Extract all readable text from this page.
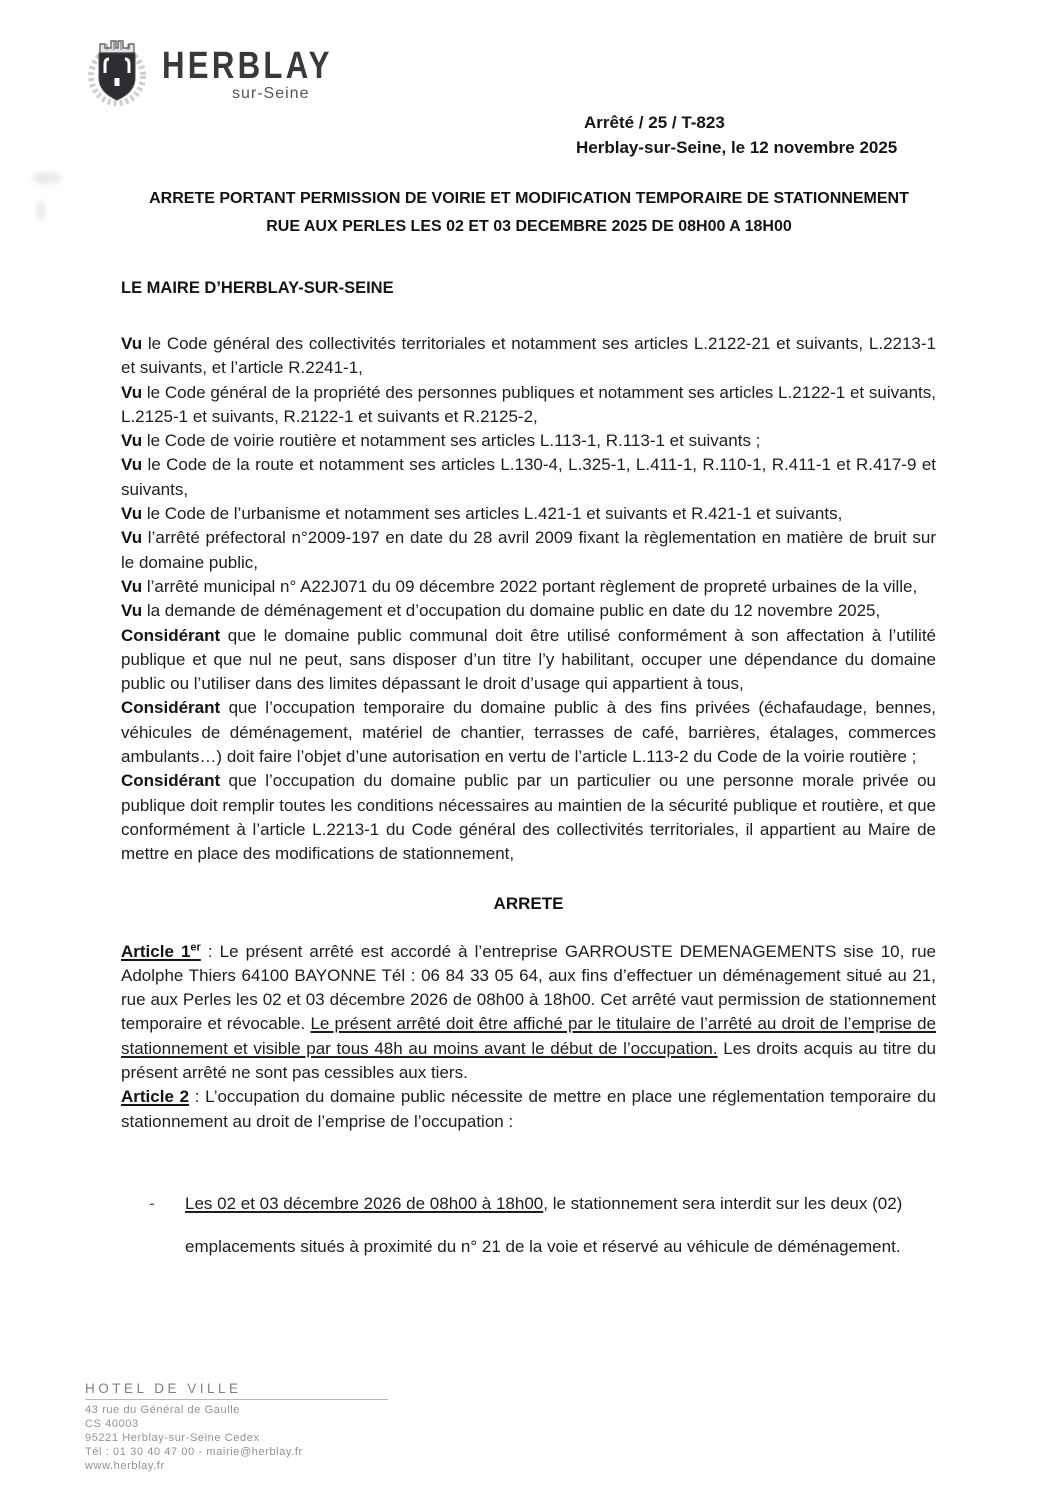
HERBLAY
sur-Seine
Arrêté / 25 / T-823
Herblay-sur-Seine, le 12 novembre 2025
ARRETE PORTANT PERMISSION DE VOIRIE ET MODIFICATION TEMPORAIRE DE STATIONNEMENT
RUE AUX PERLES LES 02 ET 03 DECEMBRE 2025 DE 08H00 A 18H00

LE MAIRE D’HERBLAY-SUR-SEINE

Vu le Code général des collectivités territoriales et notamment ses articles L.2122-21 et suivants, L.2213-1 et suivants, et l’article R.2241-1,

Vu le Code général de la propriété des personnes publiques et notamment ses articles L.2122-1 et suivants, L.2125-1 et suivants, R.2122-1 et suivants et R.2125-2,

Vu le Code de voirie routière et notamment ses articles L.113-1, R.113-1 et suivants ;

Vu le Code de la route et notamment ses articles L.130-4, L.325-1, L.411-1, R.110-1, R.411-1 et R.417-9 et suivants,

Vu le Code de l’urbanisme et notamment ses articles L.421-1 et suivants et R.421-1 et suivants,

Vu l’arrêté préfectoral n°2009-197 en date du 28 avril 2009 fixant la règlementation en matière de bruit sur le domaine public,

Vu l’arrêté municipal n° A22J071 du 09 décembre 2022 portant règlement de propreté urbaines de la ville,

Vu la demande de déménagement et d’occupation du domaine public en date du 12 novembre 2025,

Considérant que le domaine public communal doit être utilisé conformément à son affectation à l’utilité publique et que nul ne peut, sans disposer d’un titre l’y habilitant, occuper une dépendance du domaine public ou l’utiliser dans des limites dépassant le droit d’usage qui appartient à tous,

Considérant que l’occupation temporaire du domaine public à des fins privées (échafaudage, bennes, véhicules de déménagement, matériel de chantier, terrasses de café, barrières, étalages, commerces ambulants…) doit faire l’objet d’une autorisation en vertu de l’article L.113-2 du Code de la voirie routière ;

Considérant que l’occupation du domaine public par un particulier ou une personne morale privée ou publique doit remplir toutes les conditions nécessaires au maintien de la sécurité publique et routière, et que conformément à l’article L.2213-1 du Code général des collectivités territoriales, il appartient au Maire de mettre en place des modifications de stationnement,

ARRETE

Article 1er : Le présent arrêté est accordé à l’entreprise GARROUSTE DEMENAGEMENTS sise 10, rue Adolphe Thiers 64100 BAYONNE Tél : 06 84 33 05 64, aux fins d’effectuer un déménagement situé au 21, rue aux Perles les 02 et 03 décembre 2026 de 08h00 à 18h00. Cet arrêté vaut permission de stationnement temporaire et révocable. Le présent arrêté doit être affiché par le titulaire de l’arrêté au droit de l’emprise de stationnement et visible par tous 48h au moins avant le début de l’occupation. Les droits acquis au titre du présent arrêté ne sont pas cessibles aux tiers.

Article 2 : L’occupation du domaine public nécessite de mettre en place une réglementation temporaire du stationnement au droit de l’emprise de l’occupation :

-	Les 02 et 03 décembre 2026 de 08h00 à 18h00, le stationnement sera interdit sur les deux (02) emplacements situés à proximité du n° 21 de la voie et réservé au véhicule de déménagement.

HOTEL DE VILLE
43 rue du Général de Gaulle
CS 40003
95221 Herblay-sur-Seine Cedex
Tél : 01 30 40 47 00 - mairie@herblay.fr
www.herblay.fr
